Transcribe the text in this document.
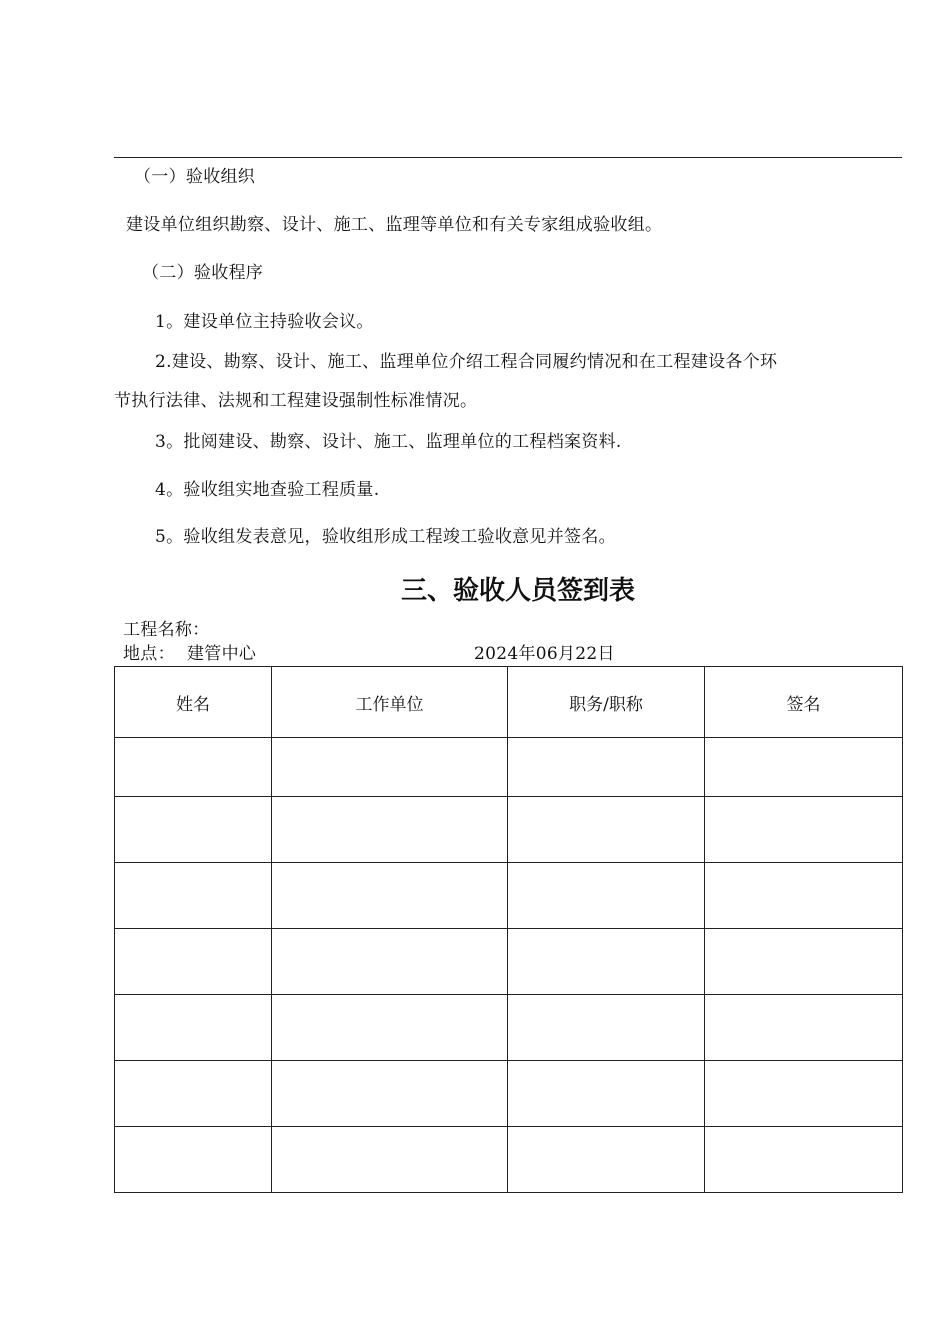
（一）验收组织
建设单位组织勘察、设计、施工、监理等单位和有关专家组成验收组。
（二）验收程序
1。建设单位主持验收会议。
2.建设、勘察、设计、施工、监理单位介绍工程合同履约情况和在工程建设各个环
节执行法律、法规和工程建设强制性标准情况。
3。批阅建设、勘察、设计、施工、监理单位的工程档案资料.
4。验收组实地查验工程质量.
5。验收组发表意见，验收组形成工程竣工验收意见并签名。
三、验收人员签到表
工程名称：
地点： 建管中心	2024年06月22日
姓名	工作单位	职务/职称	签名
